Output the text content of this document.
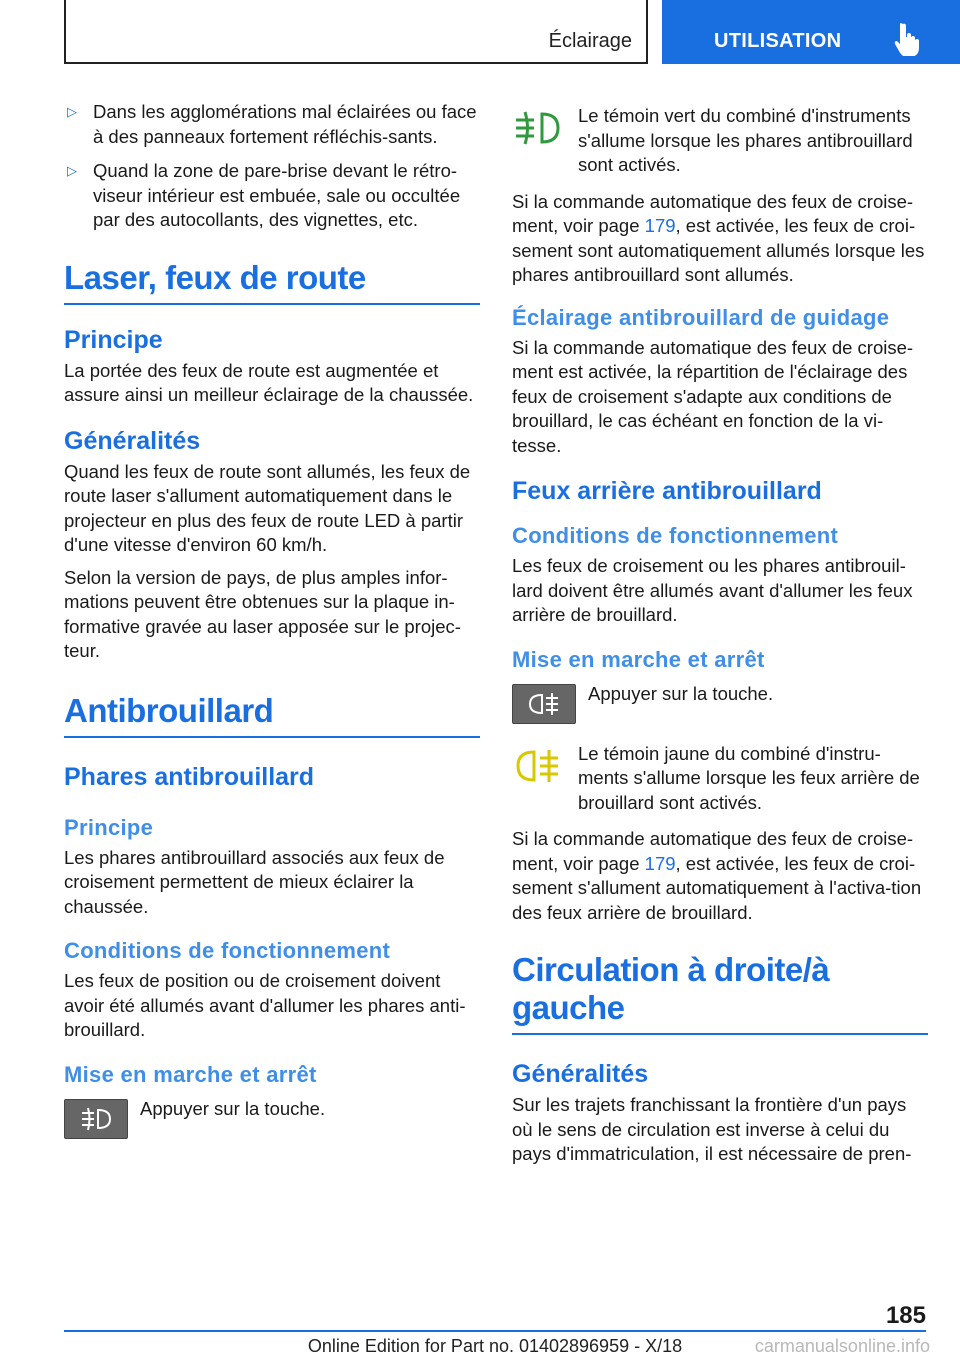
Éclairage	UTILISATION
▷ Dans les agglomérations mal éclairées ou face à des panneaux fortement réfléchis-sants.

▷ Quand la zone de pare-brise devant le rétro-viseur intérieur est embuée, sale ou occultée par des autocollants, des vignettes, etc.

Laser, feux de route
Principe

La portée des feux de route est augmentée et assure ainsi un meilleur éclairage de la chaussée.

Généralités

Quand les feux de route sont allumés, les feux de route laser s'allument automatiquement dans le projecteur en plus des feux de route LED à partir d'une vitesse d'environ 60 km/h.

Selon la version de pays, de plus amples infor-mations peuvent être obtenues sur la plaque in-formative gravée au laser apposée sur le projec-teur.

Antibrouillard
Phares antibrouillard
Principe

Les phares antibrouillard associés aux feux de croisement permettent de mieux éclairer la chaussée.

Conditions de fonctionnement

Les feux de position ou de croisement doivent avoir été allumés avant d'allumer les phares anti-brouillard.

Mise en marche et arrêt

Appuyer sur la touche.

Le témoin vert du combiné d'instruments s'allume lorsque les phares antibrouillard sont activés.

Si la commande automatique des feux de croise-ment, voir page 179, est activée, les feux de croi-sement sont automatiquement allumés lorsque les phares antibrouillard sont allumés.

Éclairage antibrouillard de guidage

Si la commande automatique des feux de croise-ment est activée, la répartition de l'éclairage des feux de croisement s'adapte aux conditions de brouillard, le cas échéant en fonction de la vi-tesse.

Feux arrière antibrouillard
Conditions de fonctionnement

Les feux de croisement ou les phares antibrouil-lard doivent être allumés avant d'allumer les feux arrière de brouillard.

Mise en marche et arrêt

Appuyer sur la touche.

Le témoin jaune du combiné d'instru-ments s'allume lorsque les feux arrière de brouillard sont activés.

Si la commande automatique des feux de croise-ment, voir page 179, est activée, les feux de croi-sement s'allument automatiquement à l'activa-tion des feux arrière de brouillard.

Circulation à droite/à gauche
Généralités

Sur les trajets franchissant la frontière d'un pays où le sens de circulation est inverse à celui du pays d'immatriculation, il est nécessaire de pren-

185
Online Edition for Part no. 01402896959 - X/18	carmanualsonline.info
